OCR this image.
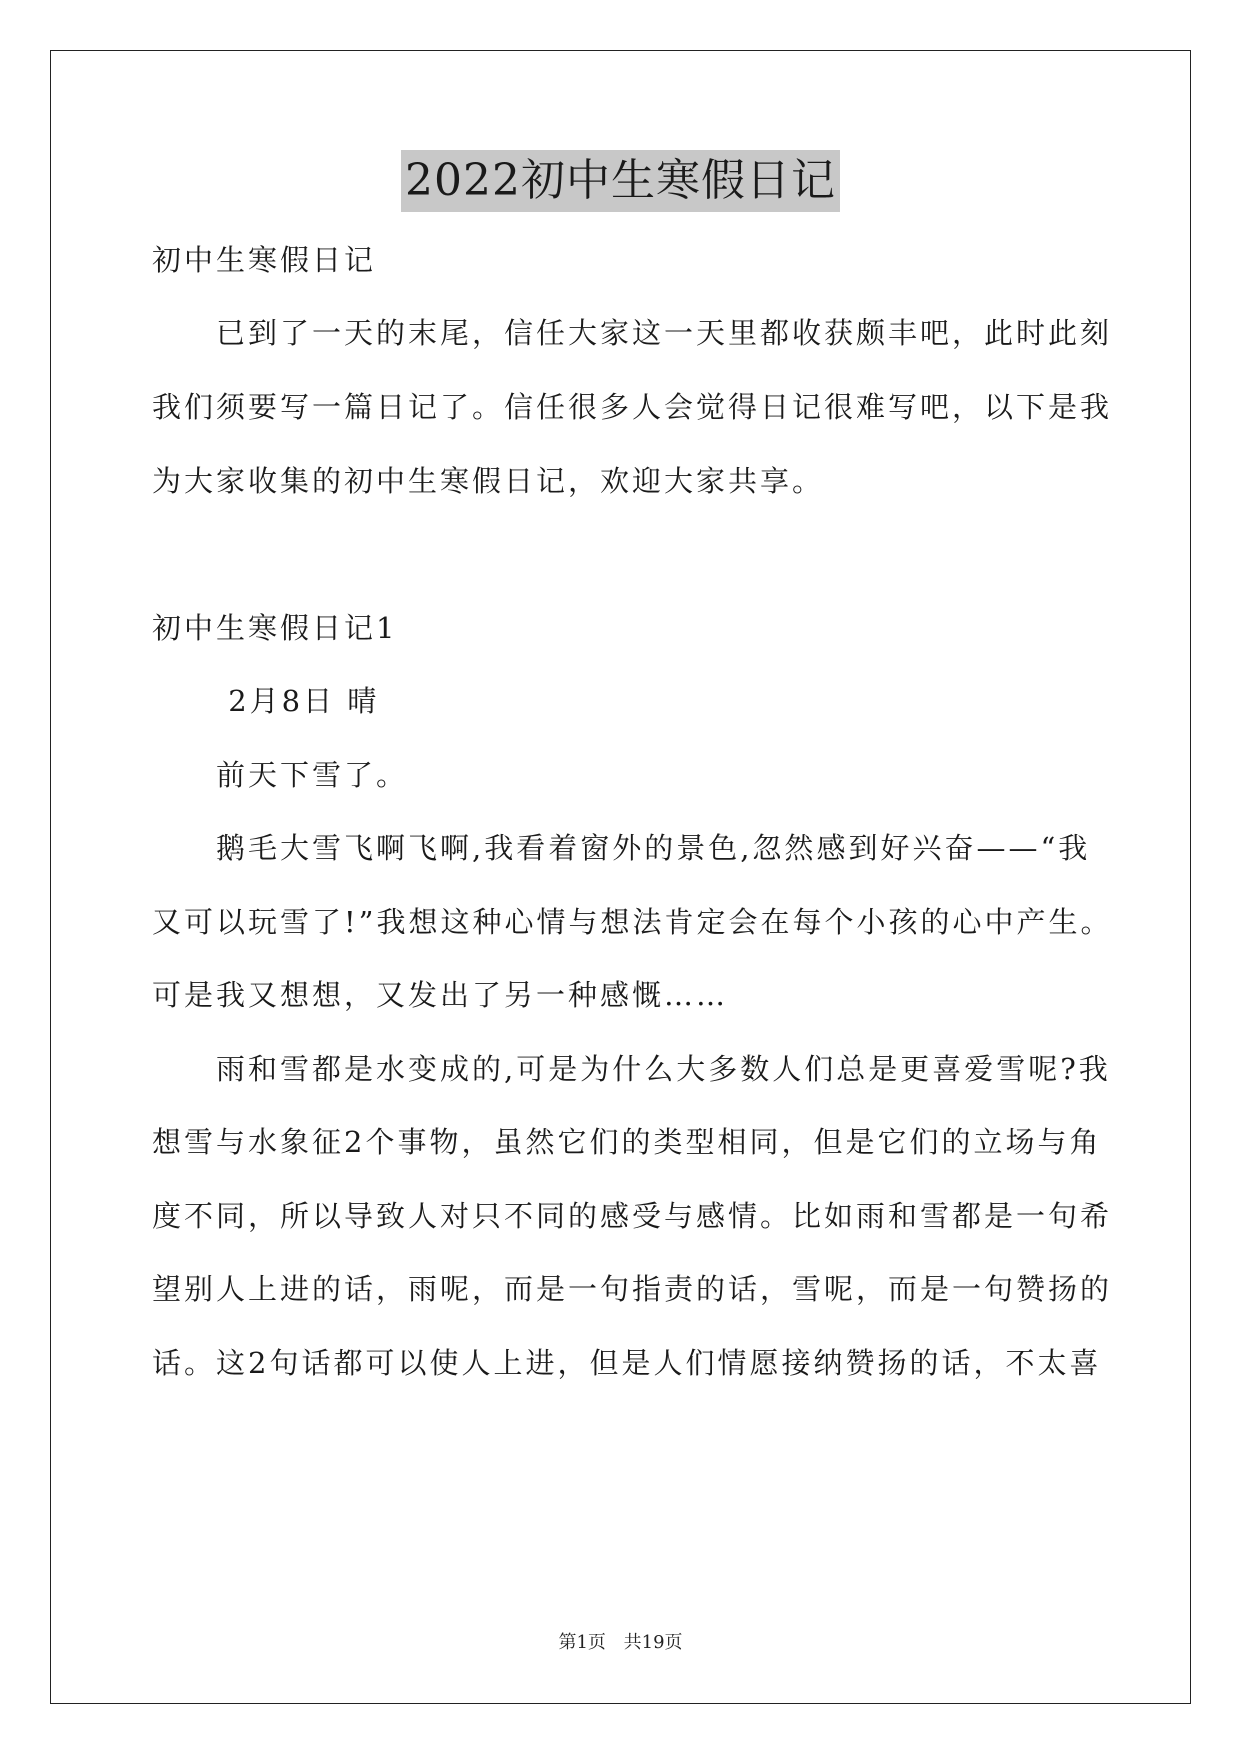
2022初中生寒假日记
初中生寒假日记
　　已到了一天的末尾，信任大家这一天里都收获颇丰吧，此时此刻
我们须要写一篇日记了。信任很多人会觉得日记很难写吧，以下是我
为大家收集的初中生寒假日记，欢迎大家共享。
初中生寒假日记1
　　 2月8日 晴
　　前天下雪了。
　　鹅毛大雪飞啊飞啊,我看着窗外的景色,忽然感到好兴奋——“我
又可以玩雪了!”我想这种心情与想法肯定会在每个小孩的心中产生。
可是我又想想，又发出了另一种感慨……
　　雨和雪都是水变成的,可是为什么大多数人们总是更喜爱雪呢?我
想雪与水象征2个事物，虽然它们的类型相同，但是它们的立场与角
度不同，所以导致人对只不同的感受与感情。比如雨和雪都是一句希
望别人上进的话，雨呢，而是一句指责的话，雪呢，而是一句赞扬的
话。这2句话都可以使人上进，但是人们情愿接纳赞扬的话，不太喜
第1页 共19页
